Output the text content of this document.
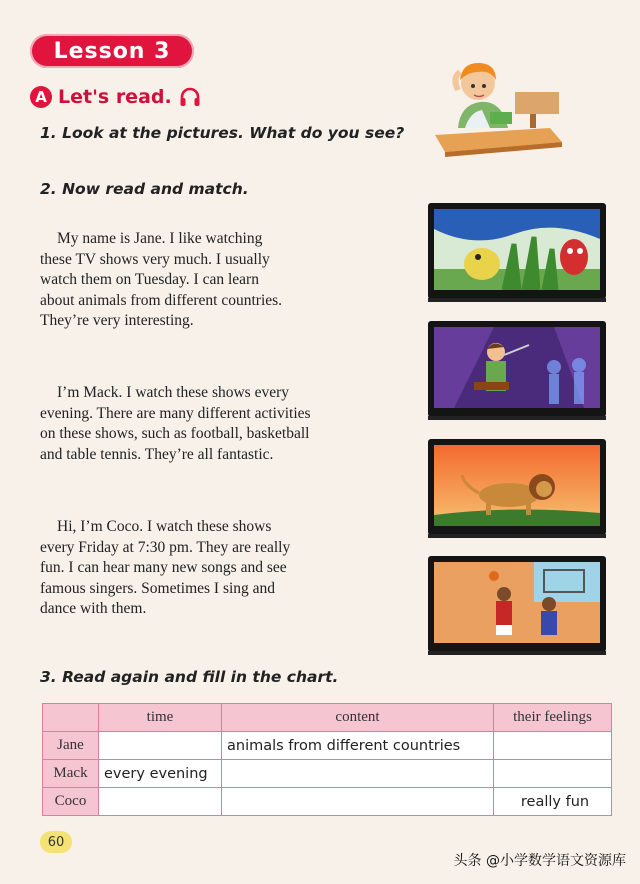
Lesson 3
A Let's read.
1. Look at the pictures. What do you see?
2. Now read and match.
My name is Jane. I like watching
these TV shows very much. I usually
watch them on Tuesday. I can learn
about animals from different countries.
They’re very interesting.
I’m Mack. I watch these shows every
evening. There are many different activities
on these shows, such as football, basketball
and table tennis. They’re all fantastic.
Hi, I’m Coco. I watch these shows
every Friday at 7:30 pm. They are really
fun. I can hear many new songs and see
famous singers. Sometimes I sing and
dance with them.
3. Read again and fill in the chart.
	time	content	their feelings
Jane		animals from different countries	
Mack	every evening		
Coco			really fun
60
头条 @小学数学语文资源库
